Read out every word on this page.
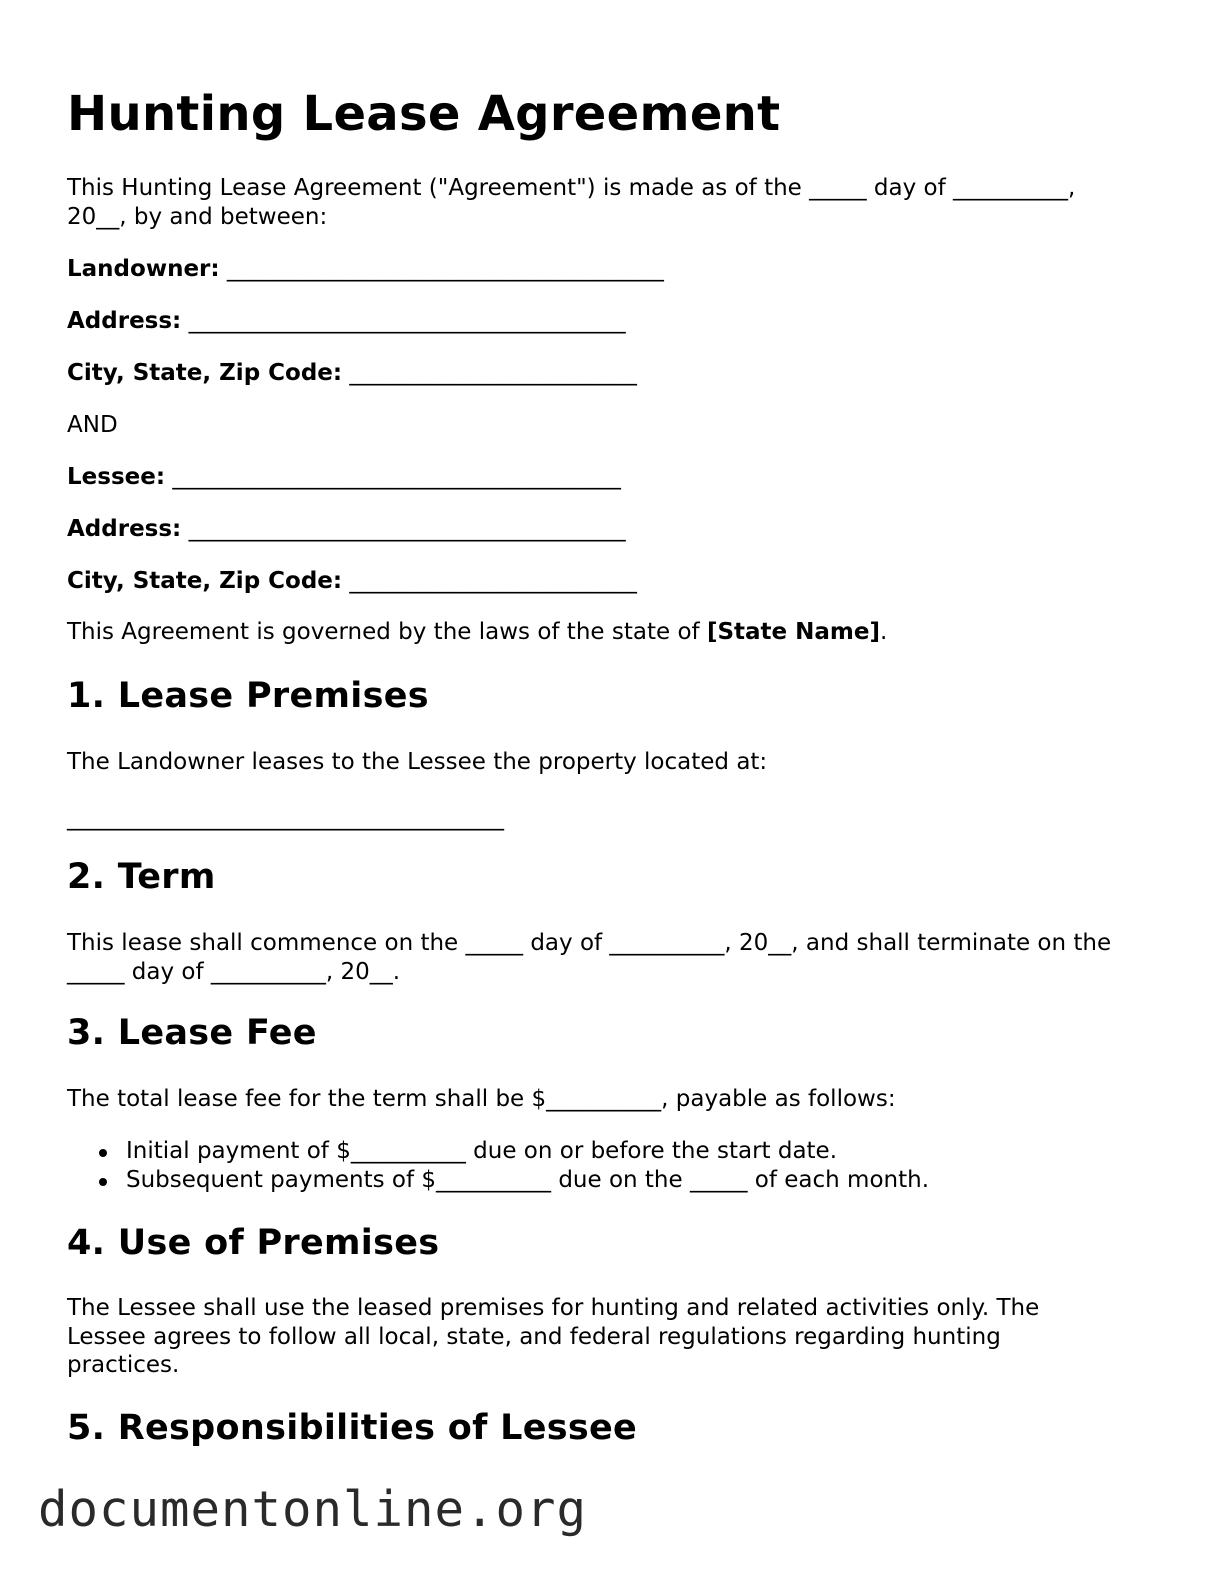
Hunting Lease Agreement
This Hunting Lease Agreement ("Agreement") is made as of the _____ day of __________,
20__, by and between:
Landowner: ______________________________________
Address: ______________________________________
City, State, Zip Code: _________________________
AND
Lessee: _______________________________________
Address: ______________________________________
City, State, Zip Code: _________________________
This Agreement is governed by the laws of the state of [State Name].
1. Lease Premises
The Landowner leases to the Lessee the property located at:
______________________________________
2. Term
This lease shall commence on the _____ day of __________, 20__, and shall terminate on the
_____ day of __________, 20__.
3. Lease Fee
The total lease fee for the term shall be $__________, payable as follows:
Initial payment of $__________ due on or before the start date.
Subsequent payments of $__________ due on the _____ of each month.
4. Use of Premises
The Lessee shall use the leased premises for hunting and related activities only. The
Lessee agrees to follow all local, state, and federal regulations regarding hunting
practices.
5. Responsibilities of Lessee
documentonline.org
